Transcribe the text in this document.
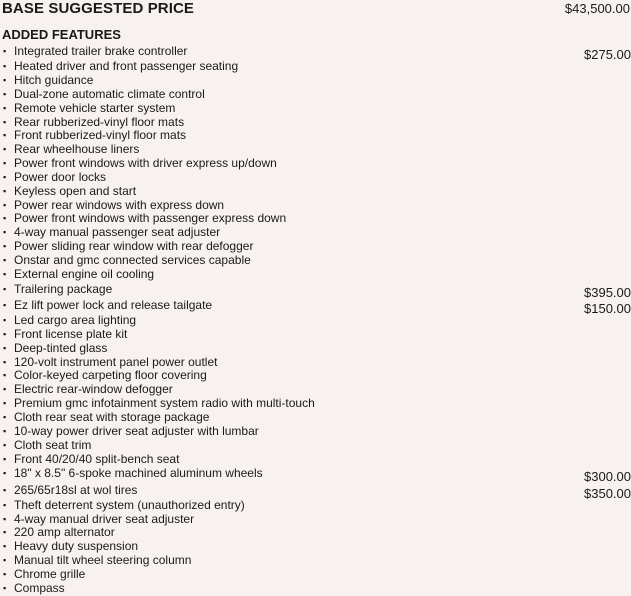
BASE SUGGESTED PRICE	$43,500.00
ADDED FEATURES
▪ Integrated trailer brake controller	$275.00
▪ Heated driver and front passenger seating
▪ Hitch guidance
▪ Dual-zone automatic climate control
▪ Remote vehicle starter system
▪ Rear rubberized-vinyl floor mats
▪ Front rubberized-vinyl floor mats
▪ Rear wheelhouse liners
▪ Power front windows with driver express up/down
▪ Power door locks
▪ Keyless open and start
▪ Power rear windows with express down
▪ Power front windows with passenger express down
▪ 4-way manual passenger seat adjuster
▪ Power sliding rear window with rear defogger
▪ Onstar and gmc connected services capable
▪ External engine oil cooling
▪ Trailering package	$395.00
▪ Ez lift power lock and release tailgate	$150.00
▪ Led cargo area lighting
▪ Front license plate kit
▪ Deep-tinted glass
▪ 120-volt instrument panel power outlet
▪ Color-keyed carpeting floor covering
▪ Electric rear-window defogger
▪ Premium gmc infotainment system radio with multi-touch
▪ Cloth rear seat with storage package
▪ 10-way power driver seat adjuster with lumbar
▪ Cloth seat trim
▪ Front 40/20/40 split-bench seat
▪ 18" x 8.5" 6-spoke machined aluminum wheels	$300.00
▪ 265/65r18sl at wol tires	$350.00
▪ Theft deterrent system (unauthorized entry)
▪ 4-way manual driver seat adjuster
▪ 220 amp alternator
▪ Heavy duty suspension
▪ Manual tilt wheel steering column
▪ Chrome grille
▪ Compass
